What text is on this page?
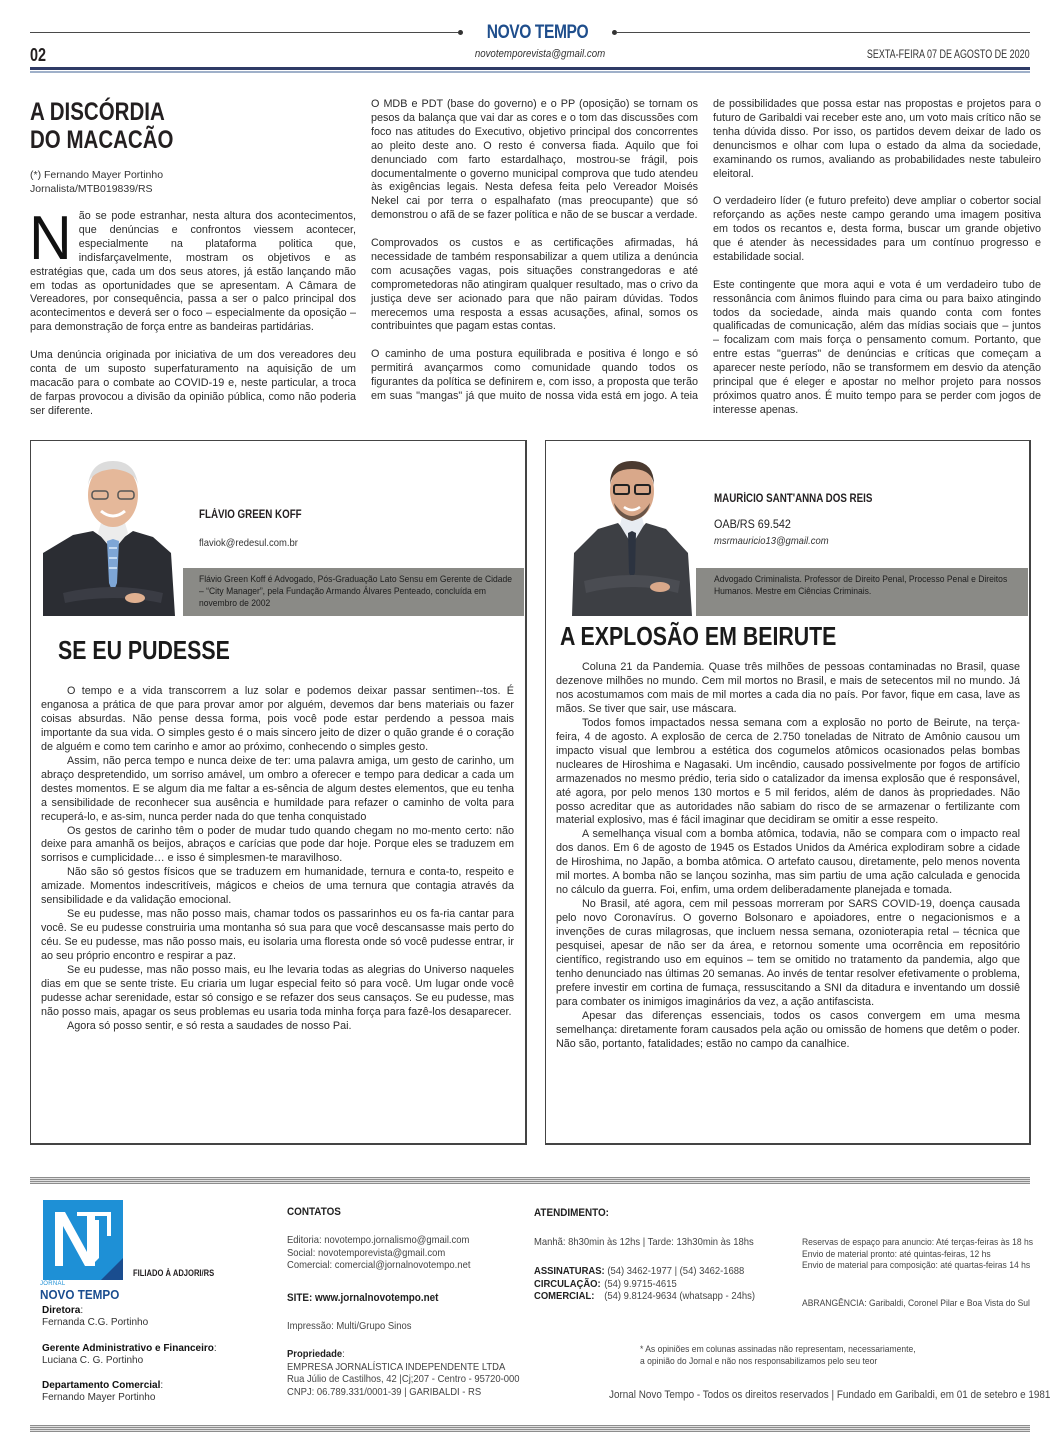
NOVO TEMPO
02	novotemporevista@gmail.com	SEXTA-FEIRA 07 DE AGOSTO DE 2020
A DISCÓRDIA
DO MACACÃO
(*) Fernando Mayer Portinho
Jornalista/MTB019839/RS

Não se pode estranhar, nesta altura dos acontecimentos, que denúncias e confrontos viessem acontecer, especialmente na plataforma politica que, indisfarçavelmente, mostram os objetivos e as estratégias que, cada um dos seus atores, já estão lançando mão em todas as oportunidades que se apresentam. A Câmara de Vereadores, por consequência, passa a ser o palco principal dos acontecimentos e deverá ser o foco – especialmente da oposição – para demonstração de força entre as bandeiras partidárias.

Uma denúncia originada por iniciativa de um dos vereadores deu conta de um suposto superfaturamento na aquisição de um macacão para o combate ao COVID-19 e, neste particular, a troca de farpas provocou a divisão da opinião pública, como não poderia ser diferente.

O MDB e PDT (base do governo) e o PP (oposição) se tornam os pesos da balança que vai dar as cores e o tom das discussões com foco nas atitudes do Executivo, objetivo principal dos concorrentes ao pleito deste ano. O resto é conversa fiada. Aquilo que foi denunciado com farto estardalhaço, mostrou-se frágil, pois documentalmente o governo municipal comprova que tudo atendeu às exigências legais. Nesta defesa feita pelo Vereador Moisés Nekel cai por terra o espalhafato (mas preocupante) que só demonstrou o afã de se fazer política e não de se buscar a verdade.

Comprovados os custos e as certificações afirmadas, há necessidade de também responsabilizar a quem utiliza a denúncia com acusações vagas, pois situações constrangedoras e até comprometedoras não atingiram qualquer resultado, mas o crivo da justiça deve ser acionado para que não pairam dúvidas. Todos merecemos uma resposta a essas acusações, afinal, somos os contribuintes que pagam estas contas.

O caminho de uma postura equilibrada e positiva é longo e só permitirá avançarmos como comunidade quando todos os figurantes da política se definirem e, com isso, a proposta que terão em suas "mangas" já que muito de nossa vida está em jogo. A teia

de possibilidades que possa estar nas propostas e projetos para o futuro de Garibaldi vai receber este ano, um voto mais crítico não se tenha dúvida disso. Por isso, os partidos devem deixar de lado os denuncismos e olhar com lupa o estado da alma da sociedade, examinando os rumos, avaliando as probabilidades neste tabuleiro eleitoral.

O verdadeiro líder (e futuro prefeito) deve ampliar o cobertor social reforçando as ações neste campo gerando uma imagem positiva em todos os recantos e, desta forma, buscar um grande objetivo que é atender às necessidades para um contínuo progresso e estabilidade social.

Este contingente que mora aqui e vota é um verdadeiro tubo de ressonância com ânimos fluindo para cima ou para baixo atingindo todos da sociedade, ainda mais quando conta com fontes qualificadas de comunicação, além das mídias sociais que – juntos – focalizam com mais força o pensamento comum. Portanto, que entre estas "guerras" de denúncias e críticas que começam a aparecer neste período, não se transformem em desvio da atenção principal que é eleger e apostar no melhor projeto para nossos próximos quatro anos. É muito tempo para se perder com jogos de interesse apenas.

FLÁVIO GREEN KOFF
flaviok@redesul.com.br
Flávio Green Koff é Advogado, Pós-Graduação Lato Sensu em Gerente de Cidade – “City Manager”, pela Fundação Armando Álvares Penteado, concluída em novembro de 2002
SE EU PUDESSE

O tempo e a vida transcorrem a luz solar e podemos deixar passar sentimen--tos. É enganosa a prática de que para provar amor por alguém, devemos dar bens materiais ou fazer coisas absurdas. Não pense dessa forma, pois você pode estar perdendo a pessoa mais importante da sua vida. O simples gesto é o mais sincero jeito de dizer o quão grande é o coração de alguém e como tem carinho e amor ao próximo, conhecendo o simples gesto.

Assim, não perca tempo e nunca deixe de ter: uma palavra amiga, um gesto de carinho, um abraço despretendido, um sorriso amável, um ombro a oferecer e tempo para dedicar a cada um destes momentos. E se algum dia me faltar a es-sência de algum destes elementos, que eu tenha a sensibilidade de reconhecer sua ausência e humildade para refazer o caminho de volta para recuperá-lo, e as-sim, nunca perder nada do que tenha conquistado

Os gestos de carinho têm o poder de mudar tudo quando chegam no mo-mento certo: não deixe para amanhã os beijos, abraços e carícias que pode dar hoje. Porque eles se traduzem em sorrisos e cumplicidade… e isso é simplesmen-te maravilhoso.

Não são só gestos físicos que se traduzem em humanidade, ternura e conta-to, respeito e amizade. Momentos indescritíveis, mágicos e cheios de uma ternura que contagia através da sensibilidade e da validação emocional.

Se eu pudesse, mas não posso mais, chamar todos os passarinhos eu os fa-ria cantar para você. Se eu pudesse construiria uma montanha só sua para que você descansasse mais perto do céu. Se eu pudesse, mas não posso mais, eu isolaria uma floresta onde só você pudesse entrar, ir ao seu próprio encontro e respirar a paz.

Se eu pudesse, mas não posso mais, eu lhe levaria todas as alegrias do Universo naqueles dias em que se sente triste. Eu criaria um lugar especial feito só para você. Um lugar onde você pudesse achar serenidade, estar só consigo e se refazer dos seus cansaços. Se eu pudesse, mas não posso mais, apagar os seus problemas eu usaria toda minha força para fazê-los desaparecer.

Agora só posso sentir, e só resta a saudades de nosso Pai.

MAURÍCIO SANT'ANNA DOS REIS
OAB/RS 69.542
msrmauricio13@gmail.com
Advogado Criminalista. Professor de Direito Penal, Processo Penal e Direitos Humanos. Mestre em Ciências Criminais.
A EXPLOSÃO EM BEIRUTE

Coluna 21 da Pandemia. Quase três milhões de pessoas contaminadas no Brasil, quase dezenove milhões no mundo. Cem mil mortos no Brasil, e mais de setecentos mil no mundo. Já nos acostumamos com mais de mil mortes a cada dia no país. Por favor, fique em casa, lave as mãos. Se tiver que sair, use máscara.

Todos fomos impactados nessa semana com a explosão no porto de Beirute, na terça-feira, 4 de agosto. A explosão de cerca de 2.750 toneladas de Nitrato de Amônio causou um impacto visual que lembrou a estética dos cogumelos atômicos ocasionados pelas bombas nucleares de Hiroshima e Nagasaki. Um incêndio, causado possivelmente por fogos de artifício armazenados no mesmo prédio, teria sido o catalizador da imensa explosão que é responsável, até agora, por pelo menos 130 mortos e 5 mil feridos, além de danos às propriedades. Não posso acreditar que as autoridades não sabiam do risco de se armazenar o fertilizante com material explosivo, mas é fácil imaginar que decidiram se omitir a esse respeito.

A semelhança visual com a bomba atômica, todavia, não se compara com o impacto real dos danos. Em 6 de agosto de 1945 os Estados Unidos da América explodiram sobre a cidade de Hiroshima, no Japão, a bomba atômica. O artefato causou, diretamente, pelo menos noventa mil mortes. A bomba não se lançou sozinha, mas sim partiu de uma ação calculada e genocida no cálculo da guerra. Foi, enfim, uma ordem deliberadamente planejada e tomada.

No Brasil, até agora, cem mil pessoas morreram por SARS COVID-19, doença causada pelo novo Coronavírus. O governo Bolsonaro e apoiadores, entre o negacionismos e a invenções de curas milagrosas, que incluem nessa semana, ozonioterapia retal – técnica que pesquisei, apesar de não ser da área, e retornou somente uma ocorrência em repositório científico, registrando uso em equinos – tem se omitido no tratamento da pandemia, algo que tenho denunciado nas últimas 20 semanas. Ao invés de tentar resolver efetivamente o problema, prefere investir em cortina de fumaça, ressuscitando a SNI da ditadura e inventando um dossiê para combater os inimigos imaginários da vez, a ação antifascista.

Apesar das diferenças essenciais, todos os casos convergem em uma mesma semelhança: diretamente foram causados pela ação ou omissão de homens que detêm o poder. Não são, portanto, fatalidades; estão no campo da canalhice.

JORNAL
NOVO TEMPO
FILIADO À ADJORI/RS
Diretora:
Fernanda C.G. Portinho
Gerente Administrativo e Financeiro:
Luciana C. G. Portinho
Departamento Comercial:
Fernando Mayer Portinho
CONTATOS
Editoria: novotempo.jornalismo@gmail.com
Social: novotemporevista@gmail.com
Comercial: comercial@jornalnovotempo.net
SITE: www.jornalnovotempo.net
Impressão: Multi/Grupo Sinos
Propriedade:
EMPRESA JORNALÍSTICA INDEPENDENTE LTDA
Rua Júlio de Castilhos, 42 |Cj;207 - Centro - 95720-000
CNPJ: 06.789.331/0001-39 | GARIBALDI - RS
ATENDIMENTO:
Manhã: 8h30min às 12hs | Tarde: 13h30min às 18hs
ASSINATURAS: (54) 3462-1977 | (54) 3462-1688
CIRCULAÇÃO: (54) 9.9715-4615
COMERCIAL: (54) 9.8124-9634 (whatsapp - 24hs)
Reservas de espaço para anuncio: Até terças-feiras às 18 hs
Envio de material pronto: até quintas-feiras, 12 hs
Envio de material para composição: até quartas-feiras 14 hs
ABRANGÊNCIA: Garibaldi, Coronel Pilar e Boa Vista do Sul
* As opiniões em colunas assinadas não representam, necessariamente,
a opinião do Jornal e não nos responsabilizamos pelo seu teor
Jornal Novo Tempo - Todos os direitos reservados | Fundado em Garibaldi, em 01 de setebro e 1981
